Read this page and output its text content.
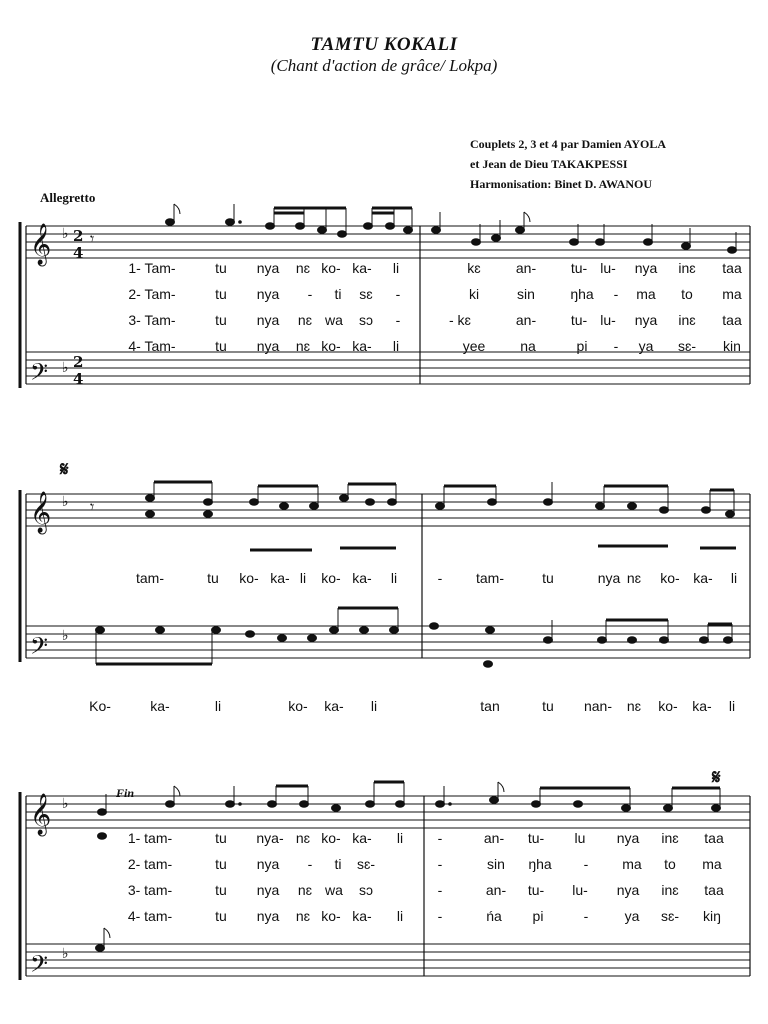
TAMTU KOKALI
(Chant d'action de grâce/ Lokpa)
Couplets 2, 3 et 4 par Damien AYOLA
et Jean de Dieu TAKAKPESSI
Harmonisation: Binet D. AWANOU
Allegretto
Fin
𝄋
𝄋
𝄞
𝄢
𝄞
𝄢
𝄞
𝄢
♭
♭
♭
♭
♭
♭
2
4
2
4
𝄾
𝄾
1- Tam-	tu nya nɛ ko- ka- li	kɛ	an- tu- lu- nya inɛ taa
2- Tam-	tu nya - ti sɛ -	ki	sin	ŋha - ma to ma
3- Tam-	tu nya nɛ wa sɔ -	- kɛ	an- tu- lu- nya inɛ taa
4- Tam-	tu nya nɛ ko- ka- li	yee na	pi - ya sɛ- kin
tam-	tu ko- ka- li ko- ka- li	- tam-	tu	nya nɛ ko- ka- li
Ko-	ka-	li	ko- ka- li	tan	tu nan- nɛ ko- ka- li
1- tam-	tu nya- nɛ ko- ka- li -	an- tu- lu nya inɛ taa
2- tam-	tu nya - ti sɛ-	-	sin ŋha - ma to ma
3- tam-	tu nya nɛ wa sɔ	-	an- tu- lu- nya inɛ taa
4- tam-	tu nya nɛ ko- ka- li -	ńa pi	-	ya sɛ- kiŋ
